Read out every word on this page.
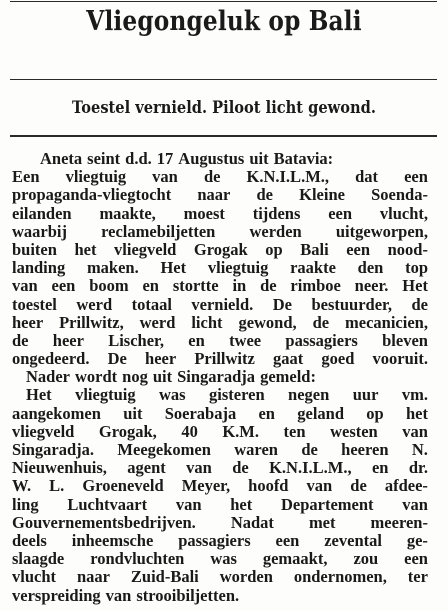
Vliegongeluk op Bali
Toestel vernield. Piloot licht gewond.
Aneta seint d.d. 17 Augustus uit Batavia:
Een vliegtuig van de K.N.I.L.M., dat een
propaganda-vliegtocht naar de Kleine Soenda-
eilanden maakte, moest tijdens een vlucht,
waarbij reclamebiljetten werden uitgeworpen,
buiten het vliegveld Grogak op Bali een nood-
landing maken. Het vliegtuig raakte den top
van een boom en stortte in de rimboe neer. Het
toestel werd totaal vernield. De bestuurder, de
heer Prillwitz, werd licht gewond, de mecanicien,
de heer Lischer, en twee passagiers bleven
ongedeerd. De heer Prillwitz gaat goed vooruit.
Nader wordt nog uit Singaradja gemeld:
Het vliegtuig was gisteren negen uur vm.
aangekomen uit Soerabaja en geland op het
vliegveld Grogak, 40 K.M. ten westen van
Singaradja. Meegekomen waren de heeren N.
Nieuwenhuis, agent van de K.N.I.L.M., en dr.
W. L. Groeneveld Meyer, hoofd van de afdee-
ling Luchtvaart van het Departement van
Gouvernementsbedrijven. Nadat met meeren-
deels inheemsche passagiers een zevental ge-
slaagde rondvluchten was gemaakt, zou een
vlucht naar Zuid-Bali worden ondernomen, ter
verspreiding van strooibiljetten.
